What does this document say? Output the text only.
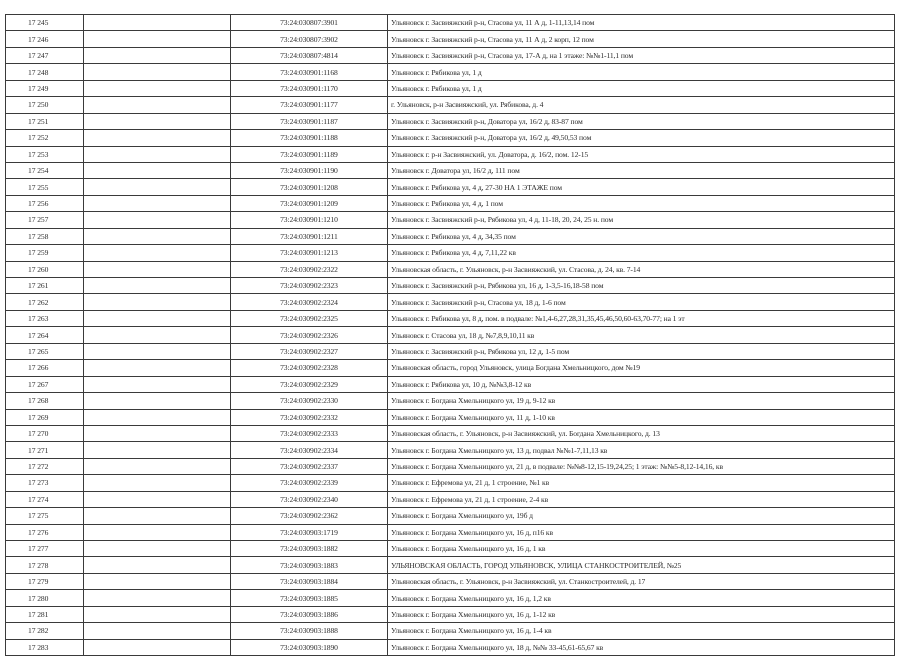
17 245		73:24:030807:3901	Ульяновск г. Засвияжский р-н, Стасова ул, 11 А д, 1-11,13,14 пом
17 246		73:24:030807:3902	Ульяновск г. Засвияжский р-н, Стасова ул, 11 А д, 2 корп, 12 пом
17 247		73:24:030807:4814	Ульяновск г. Засвияжский р-н, Стасова ул, 17-А д, на 1 этаже: №№1-11,1 пом
17 248		73:24:030901:1168	Ульяновск г. Рябикова ул, 1 д
17 249		73:24:030901:1170	Ульяновск г. Рябикова ул, 1 д
17 250		73:24:030901:1177	г. Ульяновск, р-н Засвияжский, ул. Рябикова, д. 4
17 251		73:24:030901:1187	Ульяновск г. Засвияжский р-н, Доватора ул, 16/2 д, 83-87 пом
17 252		73:24:030901:1188	Ульяновск г. Засвияжский р-н, Доватора ул, 16/2 д, 49,50,53 пом
17 253		73:24:030901:1189	Ульяновск г. р-н Засвияжский, ул. Доватора, д. 16/2, пом. 12-15
17 254		73:24:030901:1190	Ульяновск г. Доватора ул, 16/2 д, 111 пом
17 255		73:24:030901:1208	Ульяновск г. Рябикова ул, 4 д, 27-30 НА 1 ЭТАЖЕ пом
17 256		73:24:030901:1209	Ульяновск г. Рябикова ул, 4 д, 1 пом
17 257		73:24:030901:1210	Ульяновск г. Засвияжский р-н, Рябикова ул, 4 д, 11-18, 20, 24, 25 н. пом
17 258		73:24:030901:1211	Ульяновск г. Рябикова ул, 4 д, 34,35 пом
17 259		73:24:030901:1213	Ульяновск г. Рябикова ул, 4 д, 7,11,22 кв
17 260		73:24:030902:2322	Ульяновская область, г. Ульяновск, р-н Засвияжский, ул. Стасова, д. 24, кв. 7-14
17 261		73:24:030902:2323	Ульяновск г. Засвияжский р-н, Рябикова ул, 16 д, 1-3,5-16,18-58 пом
17 262		73:24:030902:2324	Ульяновск г. Засвияжский р-н, Стасова ул, 18 д, 1-6 пом
17 263		73:24:030902:2325	Ульяновск г. Рябикова ул, 8 д, пом. в подвале: №1,4-6,27,28,31,35,45,46,50,60-63,70-77; на 1 эт
17 264		73:24:030902:2326	Ульяновск г. Стасова ул, 18 д, №7,8,9,10,11 кв
17 265		73:24:030902:2327	Ульяновск г. Засвияжский р-н, Рябикова ул, 12 д, 1-5 пом
17 266		73:24:030902:2328	Ульяновская область, город Ульяновск, улица Богдана Хмельницкого, дом №19
17 267		73:24:030902:2329	Ульяновск г. Рябикова ул, 10 д, №№3,8-12 кв
17 268		73:24:030902:2330	Ульяновск г. Богдана Хмельницкого ул, 19 д, 9-12 кв
17 269		73:24:030902:2332	Ульяновск г. Богдана Хмельницкого ул, 11 д, 1-10 кв
17 270		73:24:030902:2333	Ульяновская область, г. Ульяновск, р-н Засвияжский, ул. Богдана Хмельницкого, д. 13
17 271		73:24:030902:2334	Ульяновск г. Богдана Хмельницкого ул, 13 д, подвал №№1-7,11,13 кв
17 272		73:24:030902:2337	Ульяновск г. Богдана Хмельницкого ул, 21 д, в подвале: №№8-12,15-19,24,25; 1 этаж: №№5-8,12-14,16, кв
17 273		73:24:030902:2339	Ульяновск г. Ефремова ул, 21 д, 1 строение, №1 кв
17 274		73:24:030902:2340	Ульяновск г. Ефремова ул, 21 д, 1 строение, 2-4 кв
17 275		73:24:030902:2362	Ульяновск г. Богдана Хмельницкого ул, 19б д
17 276		73:24:030903:1719	Ульяновск г. Богдана Хмельницкого ул, 16 д, п16 кв
17 277		73:24:030903:1882	Ульяновск г. Богдана Хмельницкого ул, 16 д, 1 кв
17 278		73:24:030903:1883	УЛЬЯНОВСКАЯ ОБЛАСТЬ, ГОРОД УЛЬЯНОВСК, УЛИЦА СТАНКОСТРОИТЕЛЕЙ, №25
17 279		73:24:030903:1884	Ульяновская область, г. Ульяновск, р-н Засвияжский, ул. Станкостроителей, д. 17
17 280		73:24:030903:1885	Ульяновск г. Богдана Хмельницкого ул, 16 д, 1,2 кв
17 281		73:24:030903:1886	Ульяновск г. Богдана Хмельницкого ул, 16 д, 1-12 кв
17 282		73:24:030903:1888	Ульяновск г. Богдана Хмельницкого ул, 16 д, 1-4 кв
17 283		73:24:030903:1890	Ульяновск г. Богдана Хмельницкого ул, 18 д, №№ 33-45,61-65,67 кв
